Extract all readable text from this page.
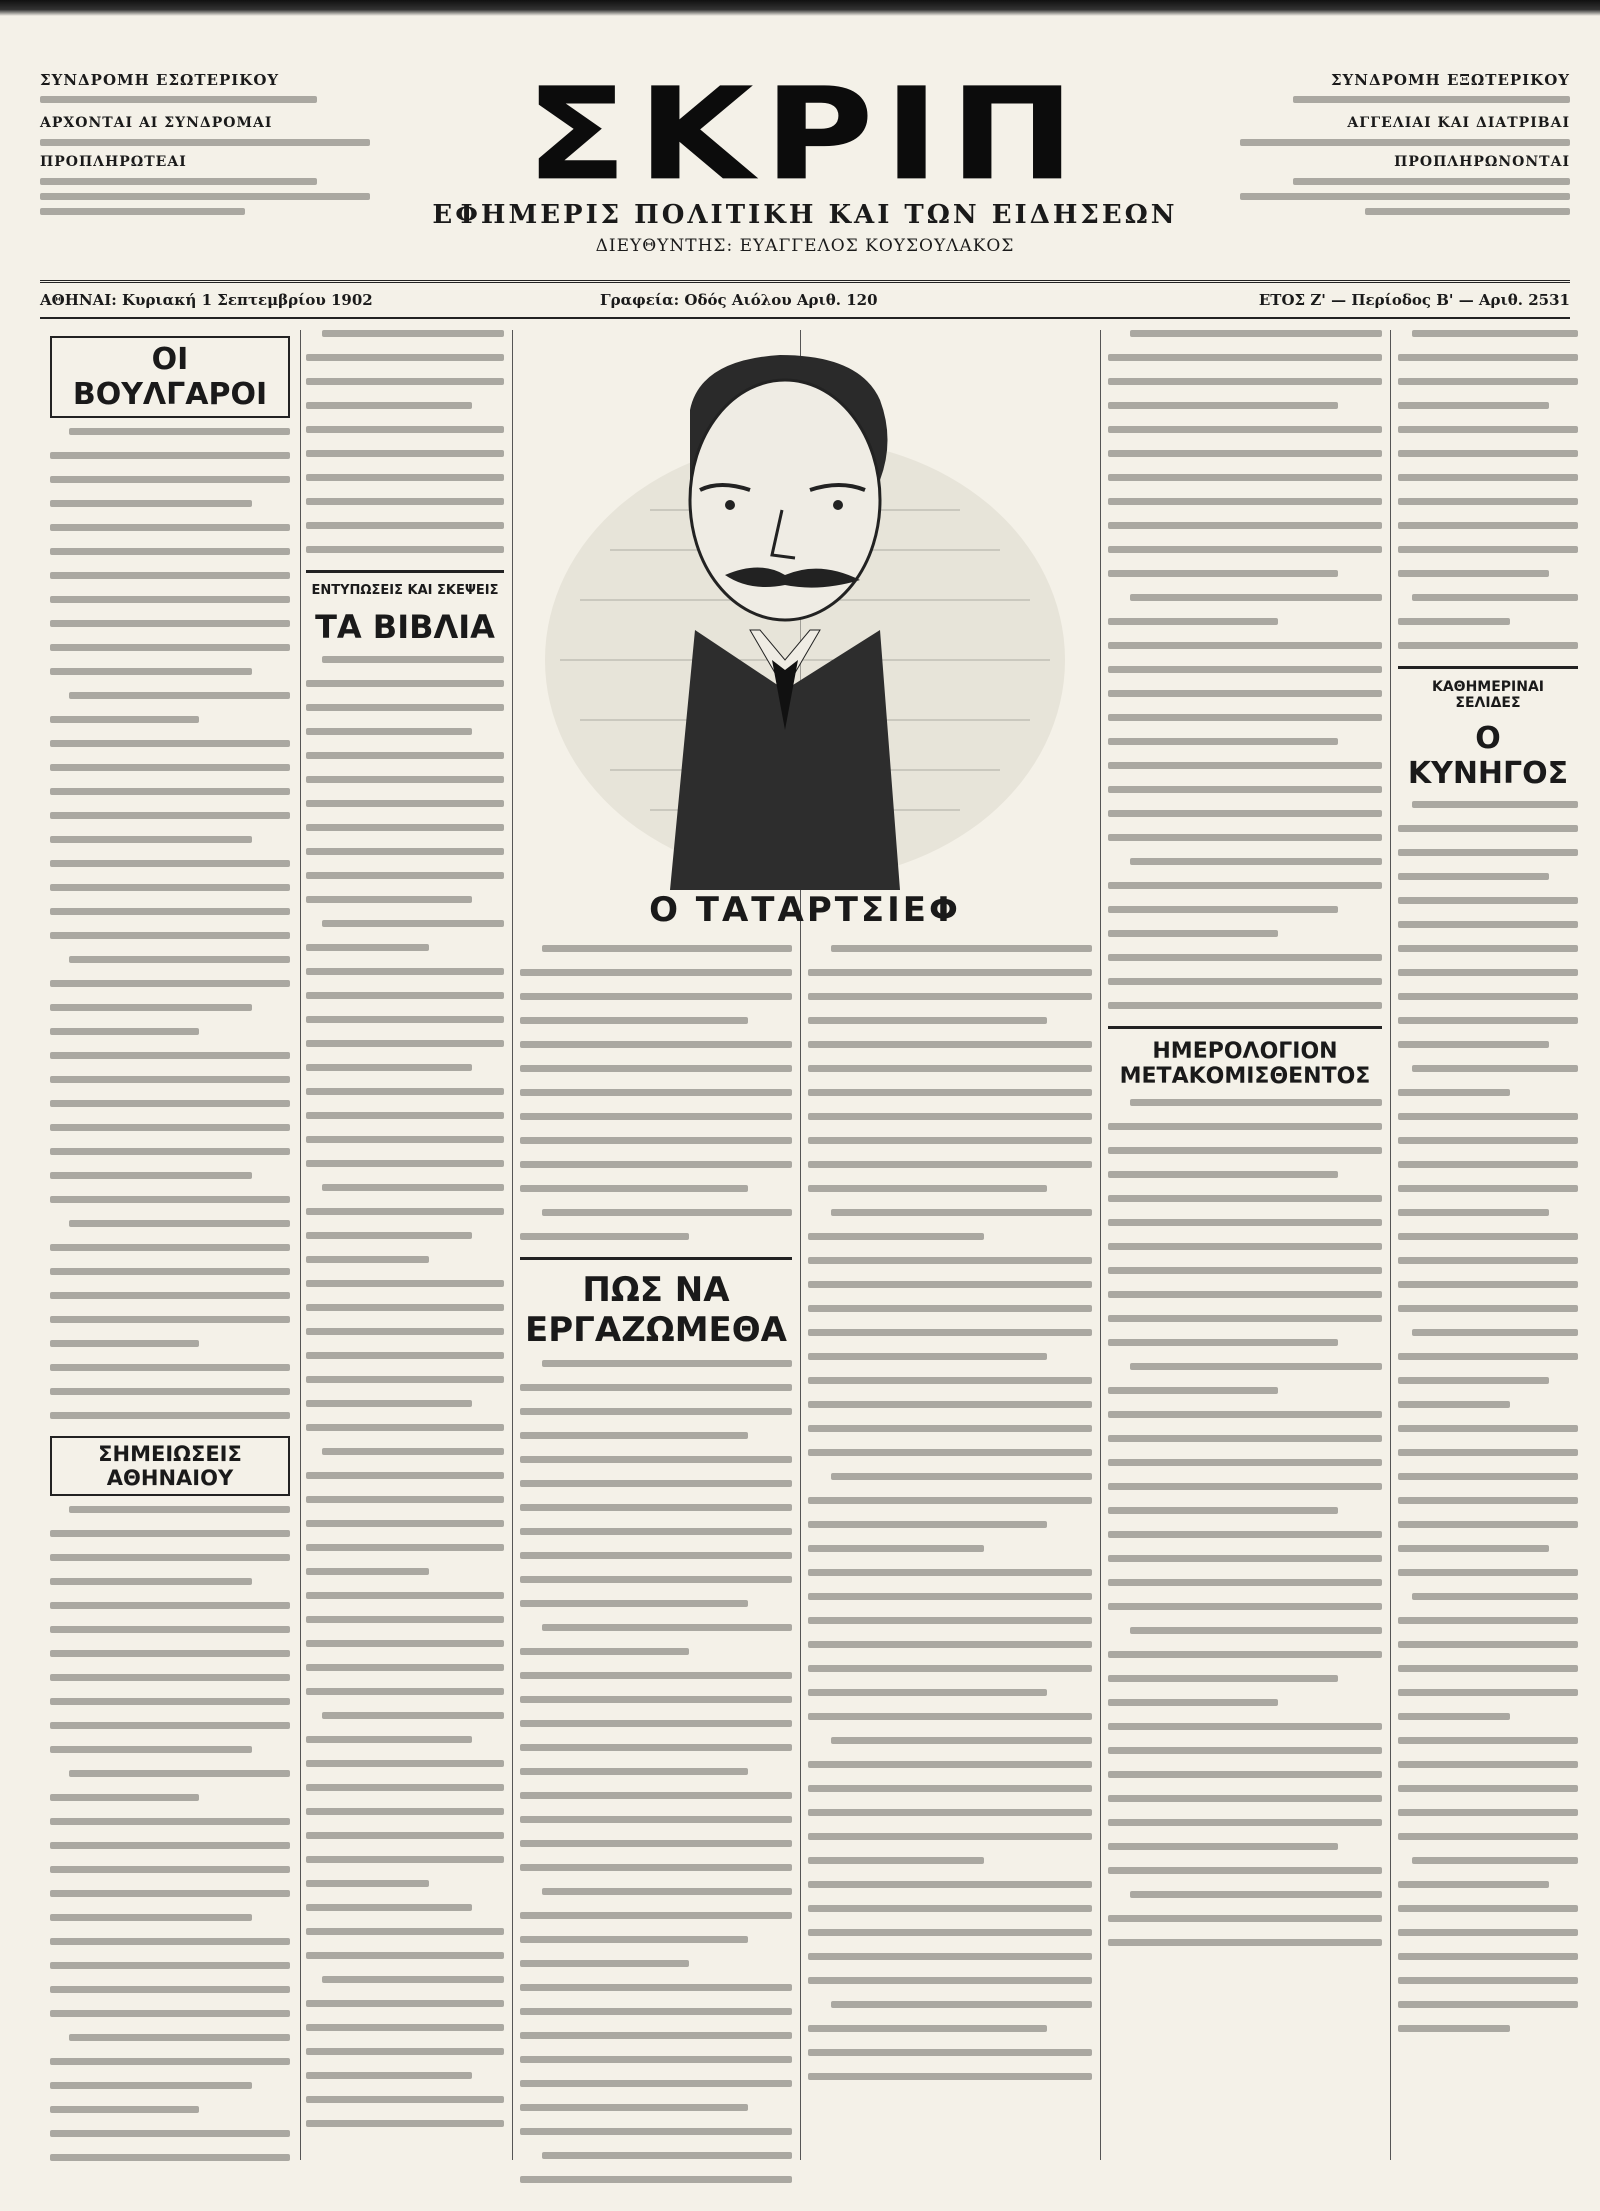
ΣΥΝΔΡΟΜΗ ΕΣΩΤΕΡΙΚΟΥ
ΑΡΧΟΝΤΑΙ ΑΙ ΣΥΝΔΡΟΜΑΙ
ΠΡΟΠΛΗΡΩΤΕΑΙ	ΣΚΡΙΠ
ΕΦΗΜΕΡΙΣ ΠΟΛΙΤΙΚΗ ΚΑΙ ΤΩΝ ΕΙΔΗΣΕΩΝ
ΔΙΕΥΘΥΝΤΗΣ: ΕΥΑΓΓΕΛΟΣ ΚΟΥΣΟΥΛΑΚΟΣ
ΣΥΝΔΡΟΜΗ ΕΞΩΤΕΡΙΚΟΥ
ΑΓΓΕΛΙΑΙ ΚΑΙ ΔΙΑΤΡΙΒΑΙ
ΠΡΟΠΛΗΡΩΝΟΝΤΑΙ
ΑΘΗΝΑΙ: Κυριακή 1 Σεπτεμβρίου 1902	Γραφεία: Οδός Αιόλου Αριθ. 120	ΕΤΟΣ Ζ' — Περίοδος Β' — Αριθ. 2531
ΟΙ ΒΟΥΛΓΑΡΟΙ
ΣΗΜΕΙΩΣΕΙΣ ΑΘΗΝΑΙΟΥ
ΕΝΤΥΠΩΣΕΙΣ ΚΑΙ ΣΚΕΨΕΙΣ
ΤΑ ΒΙΒΛΙΑ
Ο ΤΑΤΑΡΤΣΙΕΦ
ΠΩΣ ΝΑ ΕΡΓΑΖΩΜΕΘΑ
ΗΜΕΡΟΛΟΓΙΟΝ ΜΕΤΑΚΟΜΙΣΘΕΝΤΟΣ
ΚΑΘΗΜΕΡΙΝΑΙ ΣΕΛΙΔΕΣ
Ο ΚΥΝΗΓΟΣ
